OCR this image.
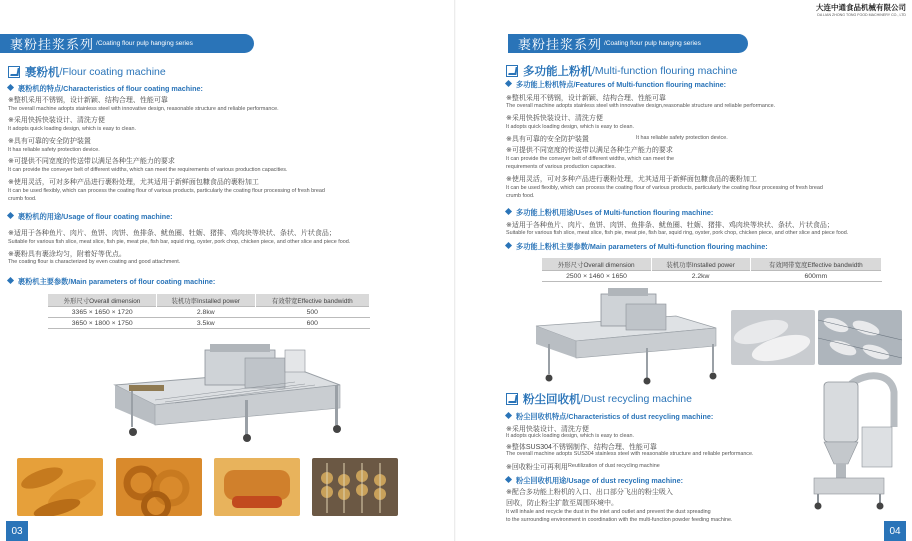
裹粉挂浆系列 /Coating flour pulp hanging series
裹粉机 /Flour coating machine
裹粉机的特点/Characteristics of flour coating machine:
※整机采用不锈钢，设计新颖、结构合理、性能可靠
The overall machine adopts stainless steel with innovative design, reasonable structure and reliable performance.
※采用快拆快装设计、清洗方便
It adopts quick loading design, which is easy to clean.
※具有可靠的安全防护装置
It has reliable safety protection device.
※可提供不同宽度的传送带以满足各种生产能力的要求
It can provide the conveyer belt of different widths, which can meet the requirements of various production capacities.
※使用灵活，可对多种产品进行裹粉处理，尤其适用于新鲜面包糠食品的裹粉加工
It can be used flexibly, which can process the coating flour of various products, particularly the coating flour processing of fresh bread
crumb food.
裹粉机的用途/Usage of flour coating machine:
※适用于各种鱼片、肉片、鱼饼、肉饼、鱼排条、鱿鱼圈、牡蛎、猪排、鸡肉块等块状、条状、片状食品；
Suitable for various fish slice, meat slice, fish pie, meat pie, fish bar, squid ring, oyster, pork chop, chicken piece, and other slice and piece food.
※裹粉具有裹涂均匀，附着好等优点。
The coating flour is characterized by even coating and good attachment.
裹粉机主要参数/Main parameters of flour coating machine:
外形尺寸Overall dimension	装机功率Installed power	有效带宽Effective bandwidth
3365 × 1650 × 1720	2.8kw	500
3650 × 1800 × 1750	3.5kw	600
03
大连中通食品机械有限公司
DA LIAN ZHONG TONG FOOD MACHINERY CO., LTD
裹粉挂浆系列 /Coating flour pulp hanging series
多功能上粉机 /Multi-function flouring machine
多功能上粉机特点/Features of Multi-function flouring machine:
※整机采用不锈钢，设计新颖、结构合理、性能可靠
The overall machine adopts stainless steel with innovative design,reasonable structure and reliable performance.
※采用快拆快装设计、清洗方便
It adopts quick loading design, which is easy to clean.
※具有可靠的安全防护装置	It has reliable safety protection device.
※可提供不同宽度的传送带以满足各种生产能力的要求
It can provide the conveyer belt of different widths, which can meet the
requirements of various production capacities.
※使用灵活，可对多种产品进行裹粉处理，尤其适用于新鲜面包糠食品的裹粉加工
It can be used flexibly, which can process the coating flour of various products, particularly the coating flour processing of fresh bread
crumb food.
多功能上粉机用途/Uses of Multi-function flouring machine:
※适用于各种鱼片、肉片、鱼饼、肉饼、鱼排条、鱿鱼圈、牡蛎、猪排、鸡肉块等块状、条状、片状食品；
Suitable for various fish slice, meat slice, fish pie, meat pie, fish bar, squid ring, oyster, pork chop, chicken piece, and other slice and piece food.
多功能上粉机主要参数/Main parameters of Multi-function flouring machine:
外形尺寸Overall dimension	装机功率Installed power	有效网带宽度Effective bandwidth
2500 × 1460 × 1650	2.2kw	600mm
粉尘回收机 /Dust recycling machine
粉尘回收机特点/Characteristics of dust recycling machine:
※采用快装设计、清洗方便
It adopts quick loading design, which is easy to clean.
※整体SUS304不锈钢制作、结构合理、性能可靠
The overall machine adopts SUS304 stainless steel with reasonable structure and reliable performance.
※回收粉尘可再利用 Reutilization of dust recycling machine
粉尘回收机用途/Usage of dust recycling machine:
※配合多功能上粉机的入口、出口部分飞出的粉尘吸入
回收，防止粉尘扩散至周围环境中。
It will inhale and recycle the dust in the inlet and outlet and prevent the dust spreading
to the surrounding environment in coordination with the multi-function powder feeding machine.
04
